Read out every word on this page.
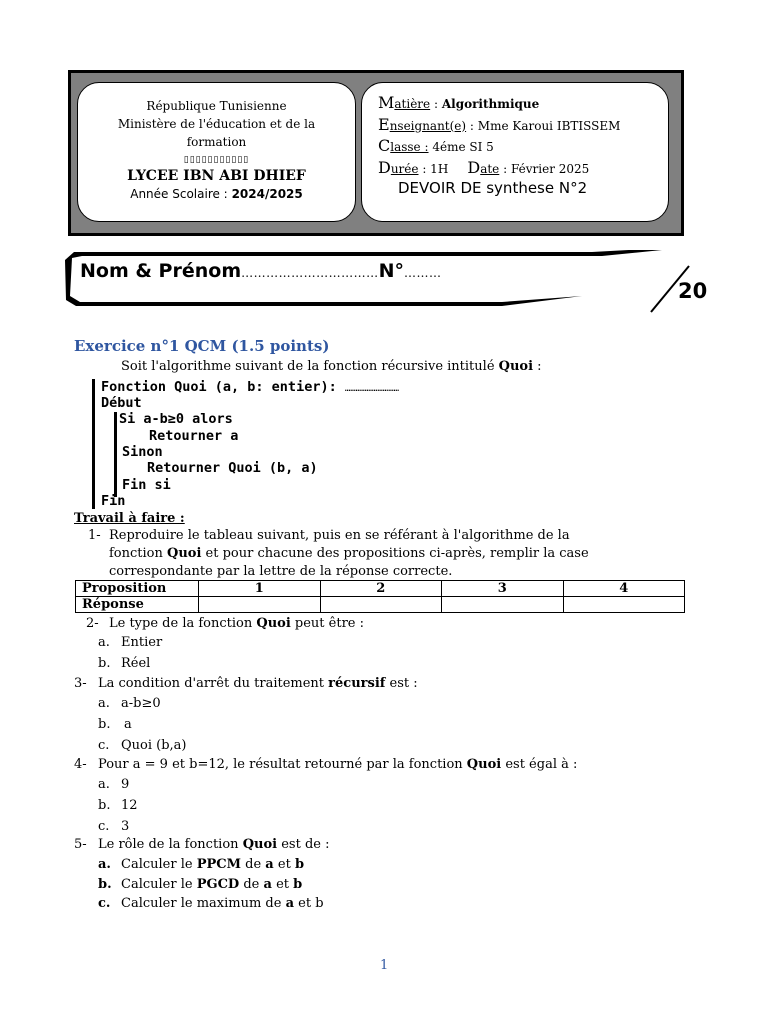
République Tunisienne
Ministère de l'éducation et de la
formation
▯▯▯▯▯▯▯▯▯▯▯
LYCEE IBN ABI DHIEF
Année Scolaire : 2024/2025
Matière : Algorithmique
Enseignant(e) : Mme Karoui IBTISSEM
Classe : 4éme SI 5
Durée : 1H Date : Février 2025
DEVOIR DE synthese N°2
Nom & Prénom……………………………N°………
20
Exercice n°1 QCM (1.5 points)
Soit l'algorithme suivant de la fonction récursive intitulé Quoi :
Fonction Quoi (a, b: entier): …………………………
Début
Si a-b≥0 alors
Retourner a
Sinon
Retourner Quoi (b, a)
Fin si
Fin
Travail à faire :
1- Reproduire le tableau suivant, puis en se référant à l'algorithme de la
fonction Quoi et pour chacune des propositions ci-après, remplir la case
correspondante par la lettre de la réponse correcte.
Proposition	1	2	3	4
Réponse				
2- Le type de la fonction Quoi peut être :
a. Entier
b. Réel
3- La condition d'arrêt du traitement récursif est :
a. a-b≥0
b. a
c. Quoi (b,a)
4- Pour a = 9 et b=12, le résultat retourné par la fonction Quoi est égal à :
a. 9
b. 12
c. 3
5- Le rôle de la fonction Quoi est de :
a. Calculer le PPCM de a et b
b. Calculer le PGCD de a et b
c. Calculer le maximum de a et b
1
